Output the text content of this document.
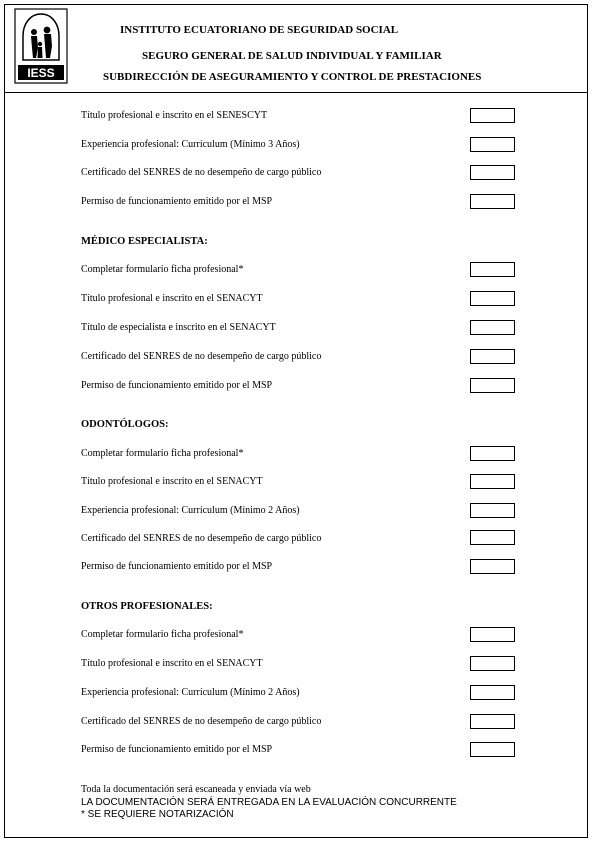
IESS
INSTITUTO ECUATORIANO DE SEGURIDAD SOCIAL
SEGURO GENERAL DE SALUD INDIVIDUAL Y FAMILIAR
SUBDIRECCIÓN DE ASEGURAMIENTO Y CONTROL DE PRESTACIONES
Título profesional e inscrito en el SENESCYT
Experiencia profesional: Currículum (Mínimo 3 Años)
Certificado del SENRES de no desempeño de cargo público
Permiso de funcionamiento emitido por el MSP
MÉDICO ESPECIALISTA:
Completar formulario ficha profesional*
Título profesional e inscrito en el SENACYT
Título de especialista e inscrito en el SENACYT
Certificado del SENRES de no desempeño de cargo público
Permiso de funcionamiento emitido por el MSP
ODONTÓLOGOS:
Completar formulario ficha profesional*
Título profesional e inscrito en el SENACYT
Experiencia profesional: Currículum (Mínimo 2 Años)
Certificado del SENRES de no desempeño de cargo público
Permiso de funcionamiento emitido por el MSP
OTROS PROFESIONALES:
Completar formulario ficha profesional*
Título profesional e inscrito en el SENACYT
Experiencia profesional: Currículum (Mínimo 2 Años)
Certificado del SENRES de no desempeño de cargo público
Permiso de funcionamiento emitido por el MSP
Toda la documentación será escaneada y enviada vía web
LA DOCUMENTACIÓN SERÁ ENTREGADA EN LA EVALUACIÓN CONCURRENTE
* SE REQUIERE NOTARIZACIÓN
